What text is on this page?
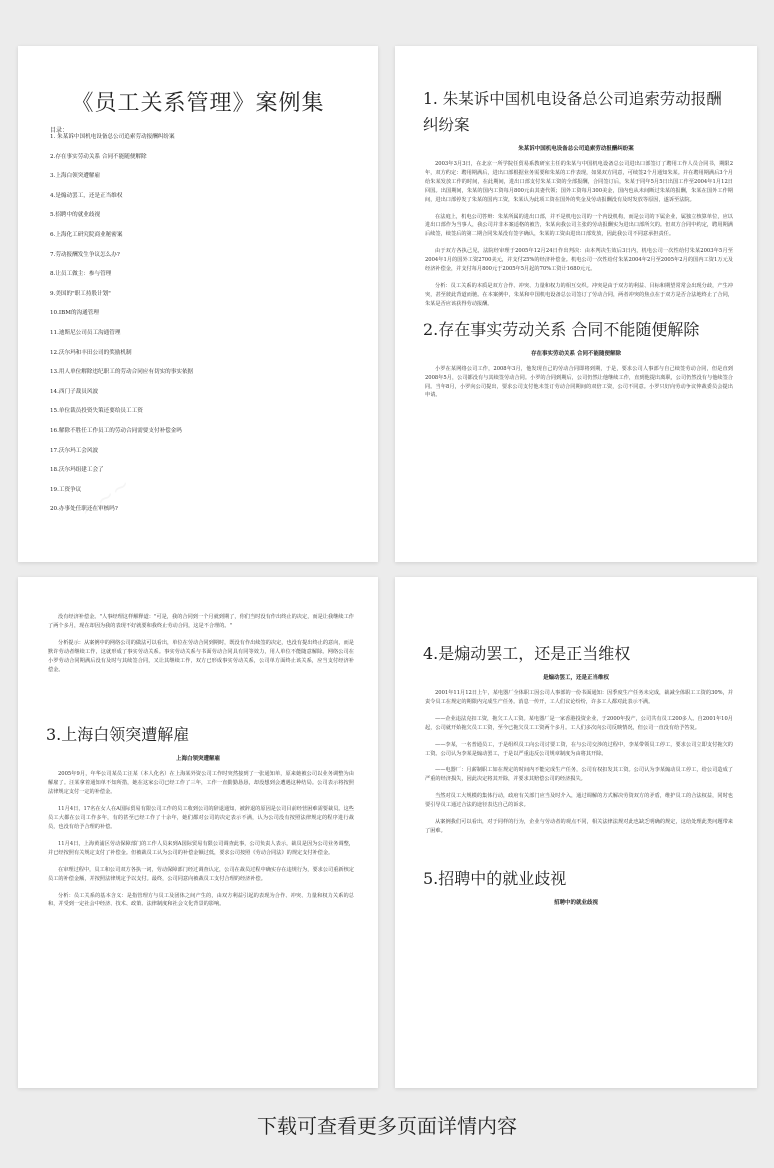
《员工关系管理》案例集
目录：
1. 朱某诉中国机电设备总公司追索劳动报酬纠纷案
2.存在事实劳动关系 合同不能随便解除
3.上海白领突遭解雇
4.是煽动罢工，还是正当维权
5.招聘中的就业歧视
6.上海化工研究院商业秘密案
7.劳动报酬发生争议怎么办?
8.让员工做主：参与管理
9.美国的"职工持股计划"
10.IBM的沟通管理
11.迪斯尼公司员工沟通管理
12.沃尔玛和丰田公司的奖励机制
13.用人单位解除违纪职工的劳动合同应有切实的事实依据
14.西门子裁员风波
15.单位裁员投资失策还要给员工工资
16.解除不胜任工作员工的劳动合同需要支付补偿金吗
17.沃尔玛工会风波
18.沃尔玛组建工会了
19.工资争议
20.办事处任职还在审核吗?
1. 朱某诉中国机电设备总公司追索劳动报酬纠纷案
朱某诉中国机电设备总公司追索劳动报酬纠纷案

2003年3月3日，在北京一所学院任贸易系教研室主任的朱某与中国机电设备总公司进出口部签订了聘用工作人员合同书，期限2年，双方约定：聘用期满后，进出口部根据业务需要和朱某的工作表现，如果双方同意，可续签2个月通知朱某。并在聘用期满后3个月给朱某发放工作的时间，在此期间，进出口部支付朱某工资的全部报酬，合同签订后，朱某于同年5月5日出国工作至2004年1月12日回国。出国期间，朱某的国内工资每月800元由其妻代领；国外工资每月300美金，国内也从未间断过朱某的报酬，朱某在国外工作期间，进出口部停发了朱某的国内工资，朱某认为此项工资在国外的奖金及劳动报酬没有及时发放等原因，遂诉至法院。

在法庭上，机电公司答辩：朱某所属的进出口部，并不是机电公司的一个内设机构，而是公司的下属企业，属独立核算单位，应以进出口部作为当事人，我公司并非本案适格的被告，朱某向我公司主张的劳动报酬实为进出口部所欠的。但双方合同中约定，聘用期满后续签，续签后的第二期合同朱某没有签字确认，朱某的工资由进出口部发放，因此我公司不同意承担责任。

由于双方各执己见，法院经审理于2005年12月24日作出判决：由本判决生效后3日内，机电公司一次性给付朱某2003年5月至2004年1月的国外工资2700美元，并支付25%的经济补偿金。机电公司一次性给付朱某2004年2月至2005年2月的国内工资1万元及经济补偿金，并支付每月800元于2005年5月起的70%工资计1680元元。

分析：员工关系的本质是双方合作、冲突、力量和权力的相互交织。冲突是由于双方的利益、目标和期望常常会出现分歧，产生冲突，甚至彼此背道而驰。在本案例中，朱某和中国机电设备总公司签订了劳动合同，两者冲突的焦点在于双方是否合法地终止了合同，朱某是否应该获得劳动报酬。

2.存在事实劳动关系 合同不能随便解除
存在事实劳动关系 合同不能随便解除

小罗在某网络公司工作，2008年3月，他发现自己的劳动合同即将到期，于是，要求公司人事部与自己续签劳动合同，但是直到2008年5月，公司都没有与其续签劳动合同。小罗的合同到期后，公司仍然让他继续工作，直到他提出离职，公司仍然没有与他续签合同。当年8月，小罗向公司提出，要求公司支付他未签订劳动合同期间的双倍工资，公司不同意。小罗只好向劳动争议仲裁委员会提出申请。

没有经济补偿金。"人事经理这样解释道："可是，我的合同到一个月就到期了，你们当时没有作出终止的决定，而是让我继续工作了两个多月，现在却因为我的表现不好就要和我终止劳动合同，这是不合理的。"

分析提示：从案例中的网络公司的做法可以看出，单位在劳动合同到期时，既没有作出续签的决定，也没有提出终止的意向，而是默许劳动者继续工作，这就形成了事实劳动关系。事实劳动关系与书面劳动合同具有同等效力，用人单位不能随意解除。网络公司在小罗劳动合同期满后没有及时与其续签合同，又让其继续工作，双方已形成事实劳动关系，公司单方面终止该关系，应当支付经济补偿金。

3.上海白领突遭解雇
上海白领突遭解雇

2005年9月，年华公司某员工汪某（本人化名）在上海某外资公司工作时突然接到了一张通知单，原来她被公司以业务调整为由解雇了。汪某拿着通知单不知所措，她在这家公司已经工作了三年，工作一直勤勤恳恳，却没想到会遭遇这种结局。公司表示将按照法律规定支付一定的补偿金。

11月4日，17名在女人在A国际贸易有限公司工作的员工收到公司的辞退通知，被辞退的原因是公司目前经营困难需要裁员。这些员工大都在公司工作多年，有的甚至已经工作了十余年，她们都对公司的决定表示不满，认为公司没有按照法律规定的程序进行裁员，也没有给予合理的补偿。

11月4日，上海黄浦区劳动保障部门的工作人员来到A国际贸易有限公司调查此事，公司负责人表示，裁员是因为公司业务调整，并已经按照有关规定支付了补偿金。但被裁员工认为公司的补偿金额过低，要求公司按照《劳动合同法》的规定支付补偿金。

在审理过程中，员工和公司双方各执一词，劳动保障部门经过调查认定，公司在裁员过程中确实存在违规行为，要求公司重新核定员工的补偿金额，并按照法律规定予以支付。最终，公司同意向被裁员工支付合理的经济补偿。

分析：员工关系的基本含义：是指管理方与员工及团体之间产生的，由双方利益引起的表现为合作、冲突、力量和权力关系的总和，并受到一定社会中经济、技术、政策、法律制度和社会文化背景的影响。

4.是煽动罢工，还是正当维权
是煽动罢工，还是正当维权

2001年11月12日上午，某电器厂全体职工因公司人事部的一份书面通知：因季度生产任务未完成，裁减全体职工工资的30%，并责令员工在规定的期限内完成生产任务。消息一传开，工人们议论纷纷，许多工人都对此表示不满。

——企业违法克扣工资，拖欠工人工资。某电器厂是一家香港投资企业，于2000年投产，公司共有员工200多人。自2001年10月起，公司就开始拖欠员工工资，至今已拖欠员工工资两个多月。工人们多次向公司反映情况，但公司一直没有给予答复。

——李某，一名普通员工，于是组织员工向公司讨要工资，在与公司交涉的过程中，李某带领员工停工，要求公司立即支付拖欠的工资。公司认为李某是煽动罢工，于是以严重违反公司规章制度为由将其开除。

——电器厂：月薪制职工如在规定的时间内不能完成生产任务，公司有权扣发其工资。公司认为李某煽动员工停工，给公司造成了严重的经济损失，因此决定将其开除，并要求其赔偿公司的经济损失。

当然对员工大规模的集体行动，政府有关部门应当及时介入，通过调解的方式解决劳资双方的矛盾，维护员工的合法权益，同时也要引导员工通过合法的途径表达自己的诉求。

从案例我们可以看出，对于同样的行为，企业与劳动者的观点不同，相关法律法规对此也缺乏明确的规定，这给处理此类问题带来了困难。

5.招聘中的就业歧视
招聘中的就业歧视
下载可查看更多页面详情内容
